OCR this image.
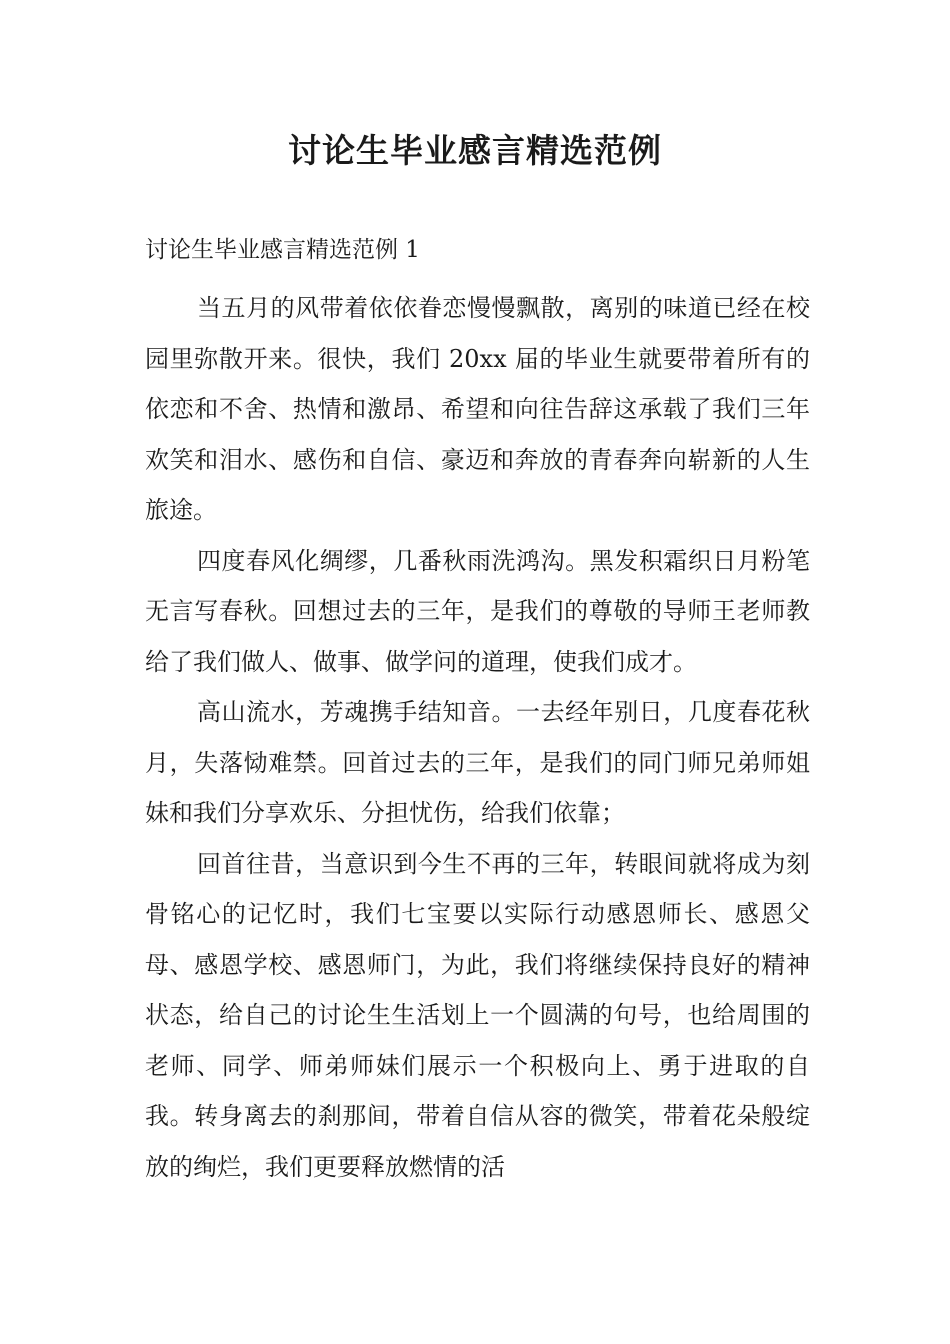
讨论生毕业感言精选范例

讨论生毕业感言精选范例 1

当五月的风带着依依眷恋慢慢飘散，离别的味道已经在校园里弥散开来。很快，我们 20xx 届的毕业生就要带着所有的依恋和不舍、热情和激昂、希望和向往告辞这承载了我们三年欢笑和泪水、感伤和自信、豪迈和奔放的青春奔向崭新的人生旅途。

四度春风化绸缪，几番秋雨洗鸿沟。黑发积霜织日月粉笔无言写春秋。回想过去的三年，是我们的尊敬的导师王老师教给了我们做人、做事、做学问的道理，使我们成才。

高山流水，芳魂携手结知音。一去经年别日，几度春花秋月，失落恸难禁。回首过去的三年，是我们的同门师兄弟师姐妹和我们分享欢乐、分担忧伤，给我们依靠；

回首往昔，当意识到今生不再的三年，转眼间就将成为刻骨铭心的记忆时，我们七宝要以实际行动感恩师长、感恩父母、感恩学校、感恩师门，为此，我们将继续保持良好的精神状态，给自己的讨论生生活划上一个圆满的句号，也给周围的老师、同学、师弟师妹们展示一个积极向上、勇于进取的自我。转身离去的刹那间，带着自信从容的微笑，带着花朵般绽放的绚烂，我们更要释放燃情的活
